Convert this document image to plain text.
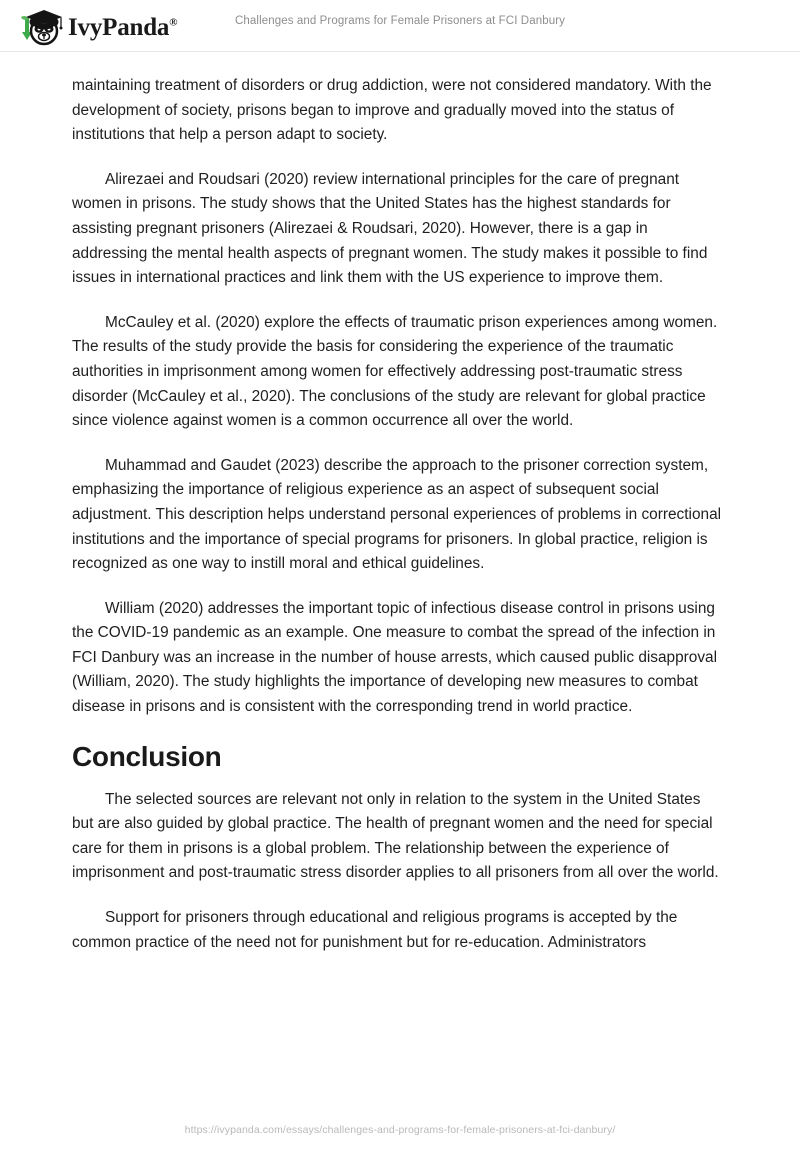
IvyPanda®	Challenges and Programs for Female Prisoners at FCI Danbury

maintaining treatment of disorders or drug addiction, were not considered mandatory. With the development of society, prisons began to improve and gradually moved into the status of institutions that help a person adapt to society.

Alirezaei and Roudsari (2020) review international principles for the care of pregnant women in prisons. The study shows that the United States has the highest standards for assisting pregnant prisoners (Alirezaei & Roudsari, 2020). However, there is a gap in addressing the mental health aspects of pregnant women. The study makes it possible to find issues in international practices and link them with the US experience to improve them.

McCauley et al. (2020) explore the effects of traumatic prison experiences among women. The results of the study provide the basis for considering the experience of the traumatic authorities in imprisonment among women for effectively addressing post-traumatic stress disorder (McCauley et al., 2020). The conclusions of the study are relevant for global practice since violence against women is a common occurrence all over the world.

Muhammad and Gaudet (2023) describe the approach to the prisoner correction system, emphasizing the importance of religious experience as an aspect of subsequent social adjustment. This description helps understand personal experiences of problems in correctional institutions and the importance of special programs for prisoners. In global practice, religion is recognized as one way to instill moral and ethical guidelines.

William (2020) addresses the important topic of infectious disease control in prisons using the COVID-19 pandemic as an example. One measure to combat the spread of the infection in FCI Danbury was an increase in the number of house arrests, which caused public disapproval (William, 2020). The study highlights the importance of developing new measures to combat disease in prisons and is consistent with the corresponding trend in world practice.

Conclusion

The selected sources are relevant not only in relation to the system in the United States but are also guided by global practice. The health of pregnant women and the need for special care for them in prisons is a global problem. The relationship between the experience of imprisonment and post-traumatic stress disorder applies to all prisoners from all over the world.

Support for prisoners through educational and religious programs is accepted by the common practice of the need not for punishment but for re-education. Administrators

https://ivypanda.com/essays/challenges-and-programs-for-female-prisoners-at-fci-danbury/
